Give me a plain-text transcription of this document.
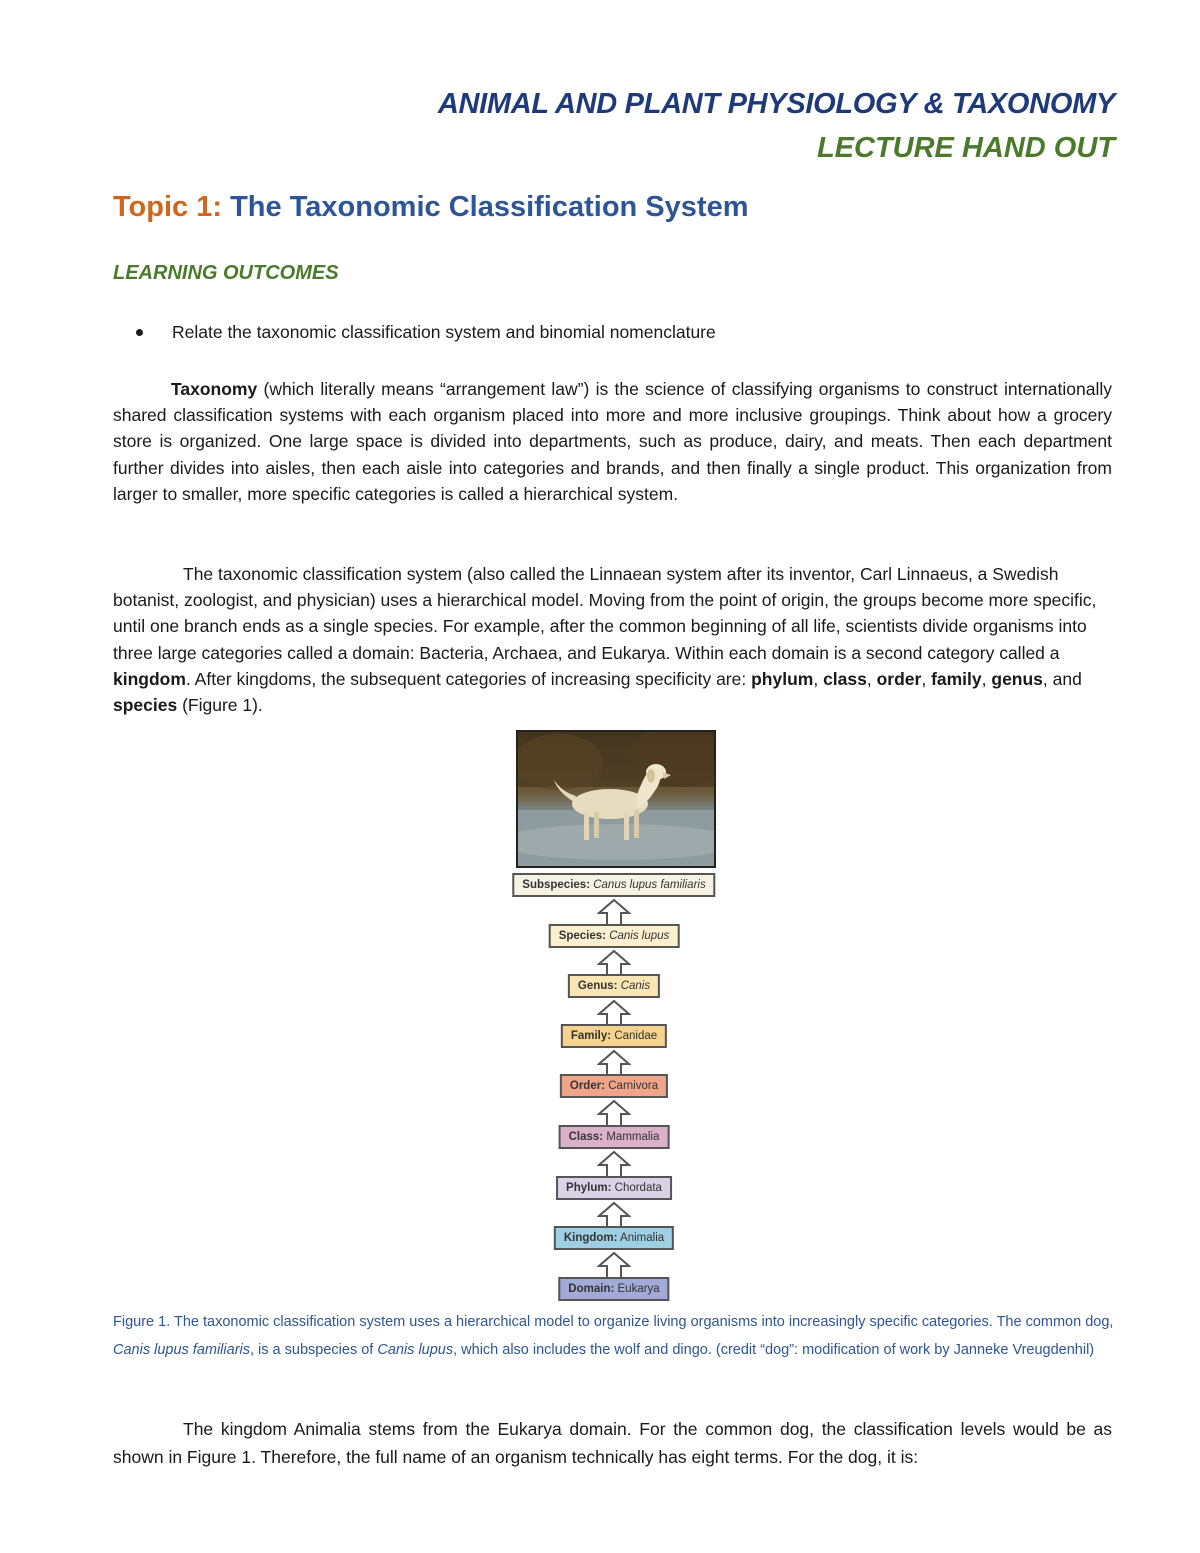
ANIMAL AND PLANT PHYSIOLOGY & TAXONOMY
LECTURE HAND OUT
Topic 1: The Taxonomic Classification System
LEARNING OUTCOMES
Relate the taxonomic classification system and binomial nomenclature
Taxonomy (which literally means “arrangement law”) is the science of classifying organisms to construct internationally shared classification systems with each organism placed into more and more inclusive groupings. Think about how a grocery store is organized. One large space is divided into departments, such as produce, dairy, and meats. Then each department further divides into aisles, then each aisle into categories and brands, and then finally a single product. This organization from larger to smaller, more specific categories is called a hierarchical system.
The taxonomic classification system (also called the Linnaean system after its inventor, Carl Linnaeus, a Swedish botanist, zoologist, and physician) uses a hierarchical model. Moving from the point of origin, the groups become more specific, until one branch ends as a single species. For example, after the common beginning of all life, scientists divide organisms into three large categories called a domain: Bacteria, Archaea, and Eukarya. Within each domain is a second category called a kingdom. After kingdoms, the subsequent categories of increasing specificity are: phylum, class, order, family, genus, and species (Figure 1).
Subspecies: Canus lupus familiaris
Species: Canis lupus
Genus: Canis
Family: Canidae
Order: Carnivora
Class: Mammalia
Phylum: Chordata
Kingdom: Animalia
Domain: Eukarya
Figure 1. The taxonomic classification system uses a hierarchical model to organize living organisms into increasingly specific categories. The common dog, Canis lupus familiaris, is a subspecies of Canis lupus, which also includes the wolf and dingo. (credit “dog”: modification of work by Janneke Vreugdenhil)
The kingdom Animalia stems from the Eukarya domain. For the common dog, the classification levels would be as shown in Figure 1. Therefore, the full name of an organism technically has eight terms. For the dog, it is:
